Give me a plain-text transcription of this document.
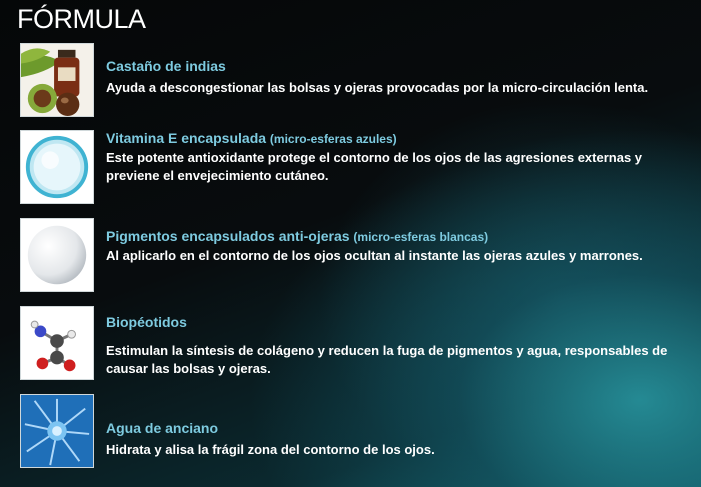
FÓRMULA
Castaño de indias
Ayuda a descongestionar las bolsas y ojeras provocadas por la micro-circulación lenta.
Vitamina E encapsulada (micro-esferas azules)
Este potente antioxidante protege el contorno de los ojos de las agresiones externas y previene el envejecimiento cutáneo.
Pigmentos encapsulados anti-ojeras (micro-esferas blancas)
Al aplicarlo en el contorno de los ojos ocultan al instante las ojeras azules y marrones.
Biopéotidos
Estimulan la síntesis de colágeno y reducen la fuga de pigmentos y agua, responsables de causar las bolsas y ojeras.
Agua de anciano
Hidrata y alisa la frágil zona del contorno de los ojos.
